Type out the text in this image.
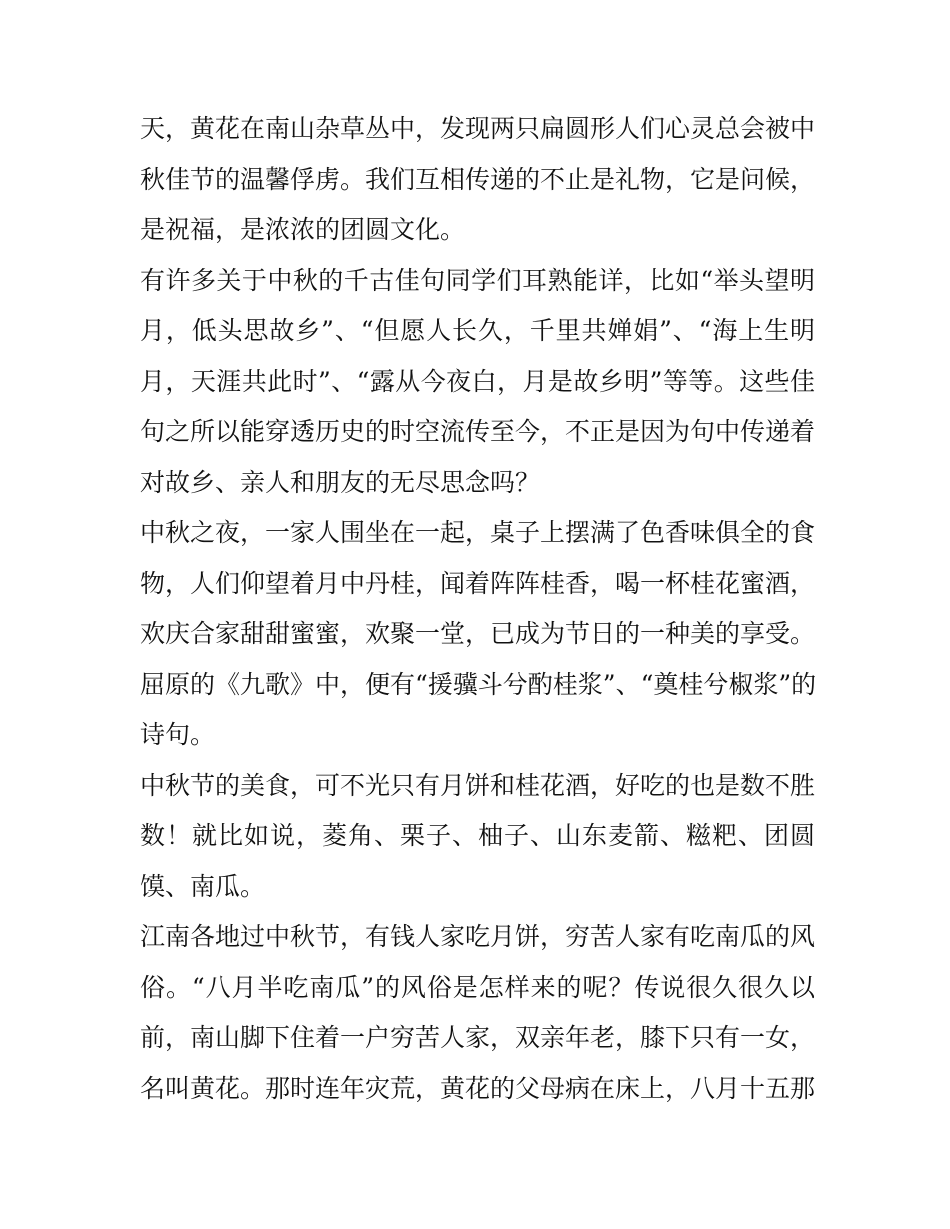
天，黄花在南山杂草丛中，发现两只扁圆形人们心灵总会被中
秋佳节的温馨俘虏。我们互相传递的不止是礼物，它是问候，
是祝福，是浓浓的团圆文化。
有许多关于中秋的千古佳句同学们耳熟能详，比如“举头望明
月，低头思故乡”、“但愿人长久，千里共婵娟”、“海上生明
月，天涯共此时”、“露从今夜白，月是故乡明”等等。这些佳
句之所以能穿透历史的时空流传至今，不正是因为句中传递着
对故乡、亲人和朋友的无尽思念吗？
中秋之夜，一家人围坐在一起，桌子上摆满了色香味俱全的食
物，人们仰望着月中丹桂，闻着阵阵桂香，喝一杯桂花蜜酒，
欢庆合家甜甜蜜蜜，欢聚一堂，已成为节日的一种美的享受。
屈原的《九歌》中，便有“援骥斗兮酌桂浆”、“奠桂兮椒浆”的
诗句。
中秋节的美食，可不光只有月饼和桂花酒，好吃的也是数不胜
数！就比如说，菱角、栗子、柚子、山东麦箭、糍粑、团圆
馍、南瓜。
江南各地过中秋节，有钱人家吃月饼，穷苦人家有吃南瓜的风
俗。“八月半吃南瓜”的风俗是怎样来的呢？传说很久很久以
前，南山脚下住着一户穷苦人家，双亲年老，膝下只有一女，
名叫黄花。那时连年灾荒，黄花的父母病在床上，八月十五那
